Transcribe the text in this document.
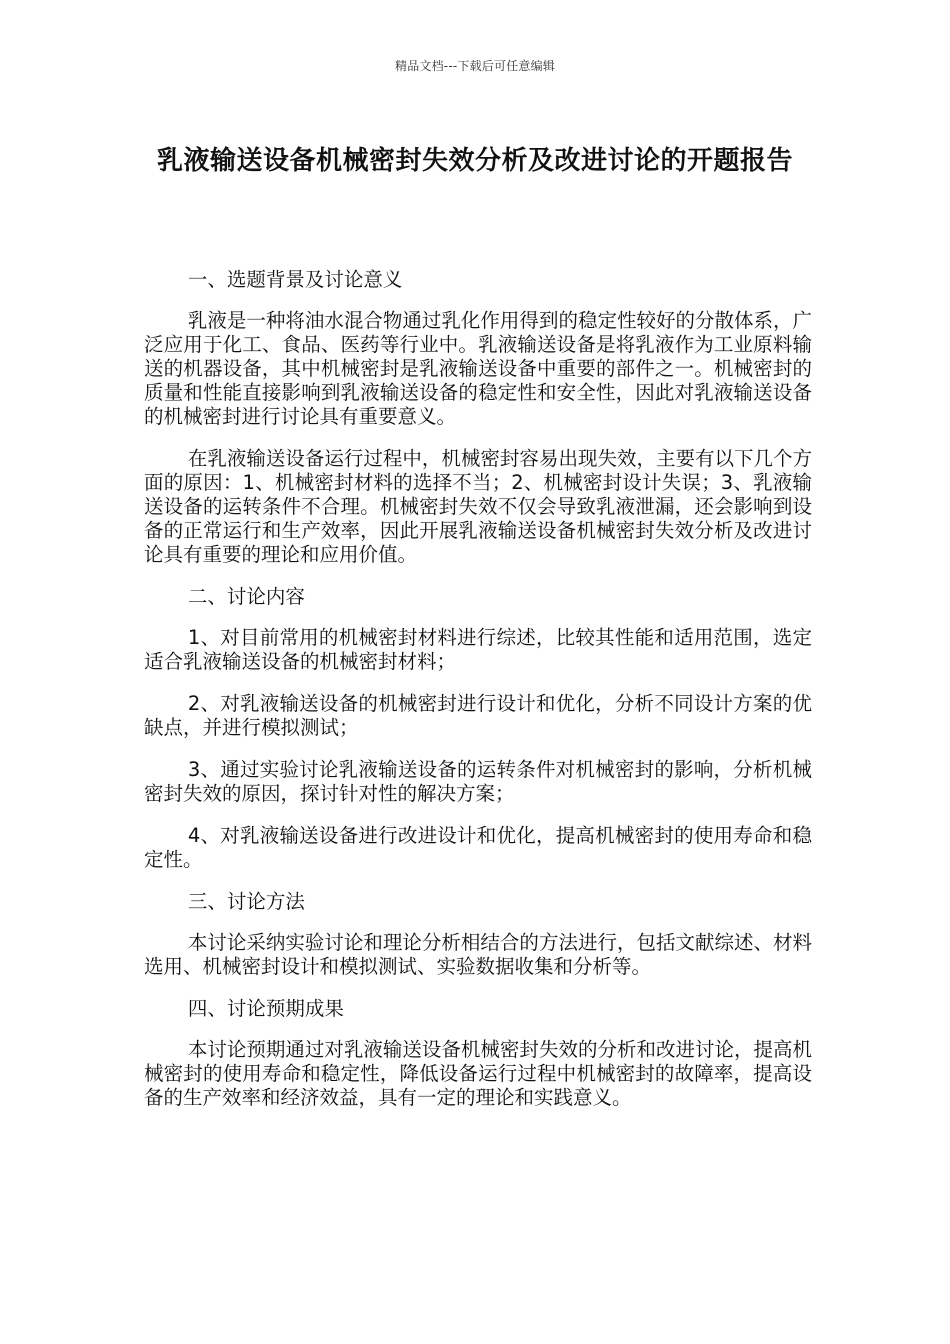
精品文档---下载后可任意编辑
乳液输送设备机械密封失效分析及改进讨论的开题报告

一、选题背景及讨论意义

乳液是一种将油水混合物通过乳化作用得到的稳定性较好的分散体系，广泛应用于化工、食品、医药等行业中。乳液输送设备是将乳液作为工业原料输送的机器设备，其中机械密封是乳液输送设备中重要的部件之一。机械密封的质量和性能直接影响到乳液输送设备的稳定性和安全性，因此对乳液输送设备的机械密封进行讨论具有重要意义。

在乳液输送设备运行过程中，机械密封容易出现失效，主要有以下几个方面的原因：1、机械密封材料的选择不当；2、机械密封设计失误；3、乳液输送设备的运转条件不合理。机械密封失效不仅会导致乳液泄漏，还会影响到设备的正常运行和生产效率，因此开展乳液输送设备机械密封失效分析及改进讨论具有重要的理论和应用价值。

二、讨论内容

1、对目前常用的机械密封材料进行综述，比较其性能和适用范围，选定适合乳液输送设备的机械密封材料；

2、对乳液输送设备的机械密封进行设计和优化，分析不同设计方案的优缺点，并进行模拟测试；

3、通过实验讨论乳液输送设备的运转条件对机械密封的影响，分析机械密封失效的原因，探讨针对性的解决方案；

4、对乳液输送设备进行改进设计和优化，提高机械密封的使用寿命和稳定性。

三、讨论方法

本讨论采纳实验讨论和理论分析相结合的方法进行，包括文献综述、材料选用、机械密封设计和模拟测试、实验数据收集和分析等。

四、讨论预期成果

本讨论预期通过对乳液输送设备机械密封失效的分析和改进讨论，提高机械密封的使用寿命和稳定性，降低设备运行过程中机械密封的故障率，提高设备的生产效率和经济效益，具有一定的理论和实践意义。
